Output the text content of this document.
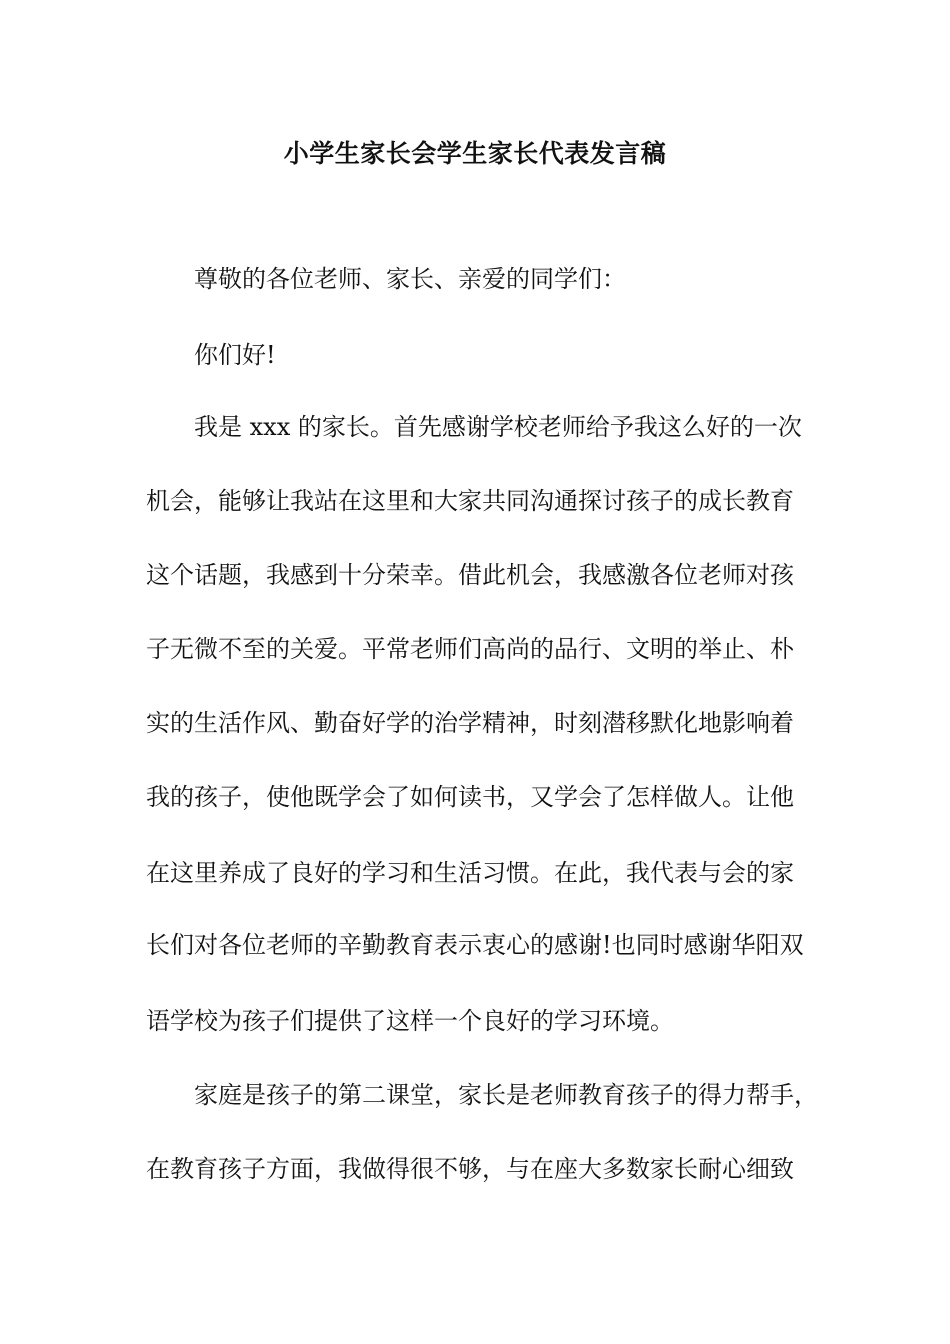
小学生家长会学生家长代表发言稿
尊敬的各位老师、家长、亲爱的同学们：
你们好!
我是 xxx 的家长。首先感谢学校老师给予我这么好的一次
机会，能够让我站在这里和大家共同沟通探讨孩子的成长教育
这个话题，我感到十分荣幸。借此机会，我感激各位老师对孩
子无微不至的关爱。平常老师们高尚的品行、文明的举止、朴
实的生活作风、勤奋好学的治学精神，时刻潜移默化地影响着
我的孩子，使他既学会了如何读书，又学会了怎样做人。让他
在这里养成了良好的学习和生活习惯。在此，我代表与会的家
长们对各位老师的辛勤教育表示衷心的感谢!也同时感谢华阳双
语学校为孩子们提供了这样一个良好的学习环境。
家庭是孩子的第二课堂，家长是老师教育孩子的得力帮手，
在教育孩子方面，我做得很不够，与在座大多数家长耐心细致
